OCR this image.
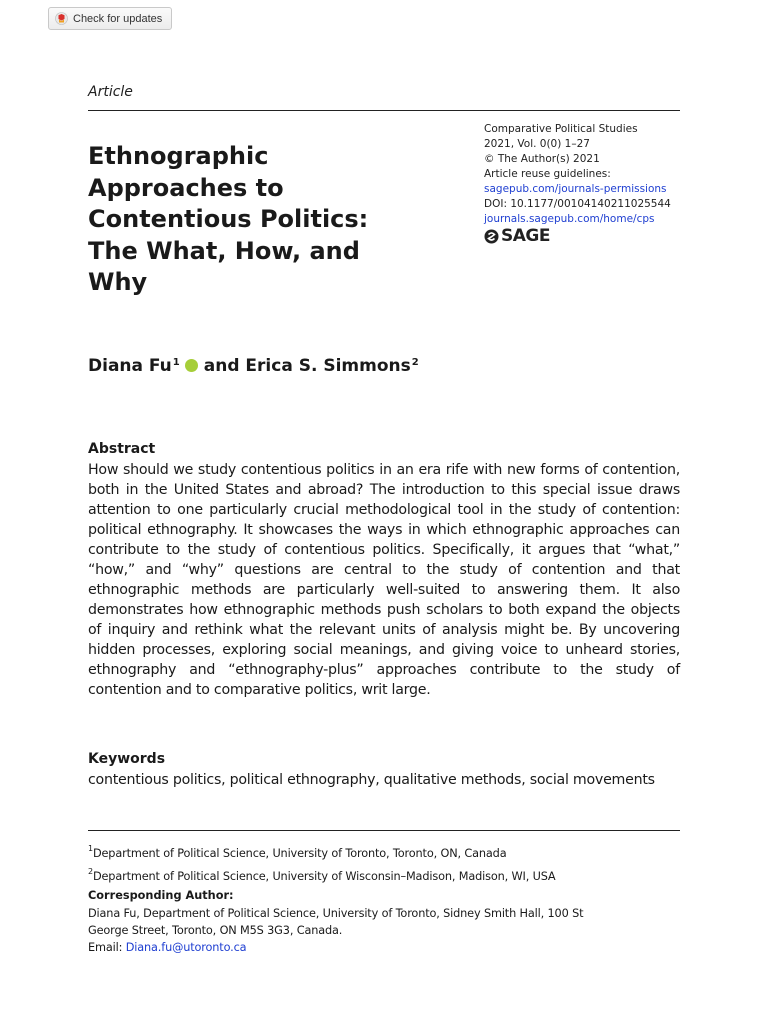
Check for updates
Article
Ethnographic
Approaches to
Contentious Politics:
The What, How, and
Why
Comparative Political Studies
2021, Vol. 0(0) 1–27
© The Author(s) 2021
Article reuse guidelines:
sagepub.com/journals-permissions
DOI: 10.1177/00104140211025544
journals.sagepub.com/home/cps
SAGE
Diana Fu$^1$ and Erica S. Simmons$^2$
Abstract

How should we study contentious politics in an era rife with new forms of contention, both in the United States and abroad? The introduction to this special issue draws attention to one particularly crucial methodological tool in the study of contention: political ethnography. It showcases the ways in which ethnographic approaches can contribute to the study of contentious politics. Specifically, it argues that “what,” “how,” and “why” questions are central to the study of contention and that ethnographic methods are particularly well-suited to answering them. It also demonstrates how ethnographic methods push scholars to both expand the objects of inquiry and rethink what the relevant units of analysis might be. By uncovering hidden processes, exploring social meanings, and giving voice to unheard stories, ethnography and “ethnography-plus” approaches contribute to the study of contention and to comparative politics, writ large.

Keywords

contentious politics, political ethnography, qualitative methods, social movements

$^1$Department of Political Science, University of Toronto, Toronto, ON, Canada
$^2$Department of Political Science, University of Wisconsin–Madison, Madison, WI, USA
Corresponding Author:
Diana Fu, Department of Political Science, University of Toronto, Sidney Smith Hall, 100 St
George Street, Toronto, ON M5S 3G3, Canada.
Email: Diana.fu@utoronto.ca
